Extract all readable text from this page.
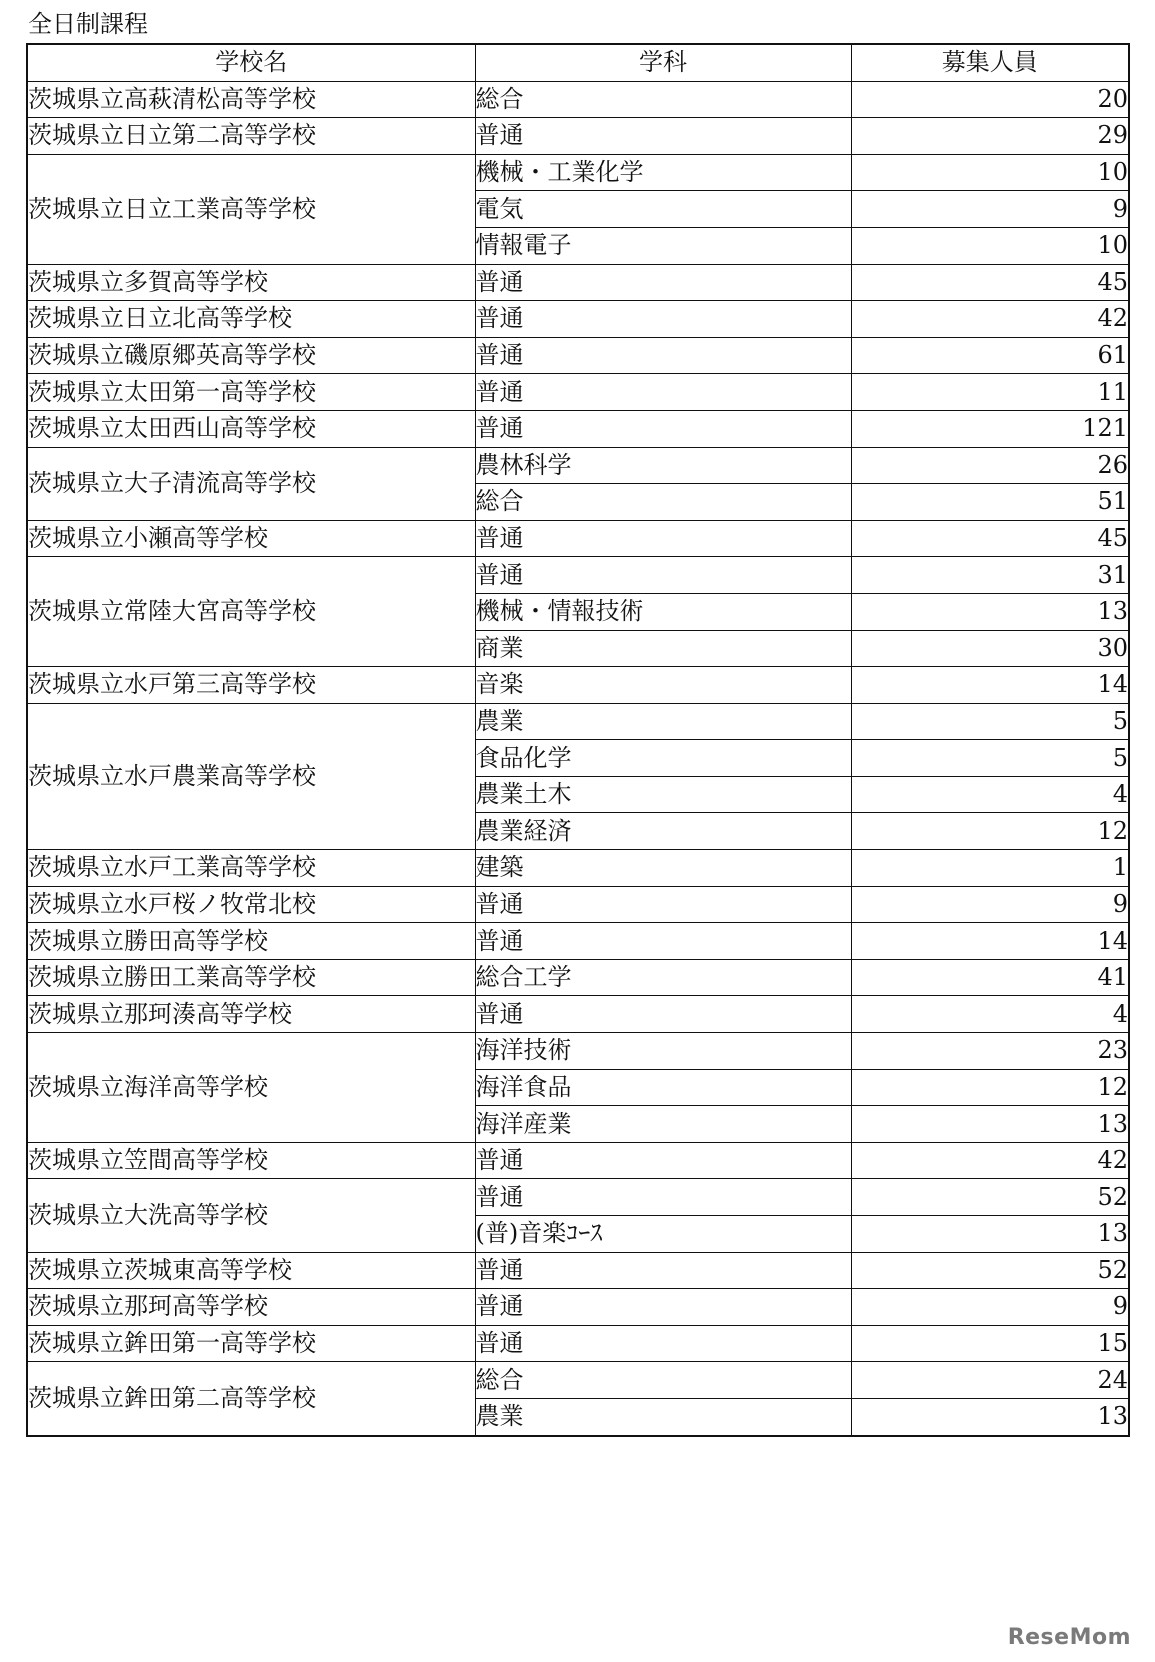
全日制課程
学校名	学科	募集人員
茨城県立高萩清松高等学校	総合	20
茨城県立日立第二高等学校	普通	29
茨城県立日立工業高等学校	機械・工業化学	10
	電気	9
	情報電子	10
茨城県立多賀高等学校	普通	45
茨城県立日立北高等学校	普通	42
茨城県立磯原郷英高等学校	普通	61
茨城県立太田第一高等学校	普通	11
茨城県立太田西山高等学校	普通	121
茨城県立大子清流高等学校	農林科学	26
	総合	51
茨城県立小瀬高等学校	普通	45
茨城県立常陸大宮高等学校	普通	31
	機械・情報技術	13
	商業	30
茨城県立水戸第三高等学校	音楽	14
茨城県立水戸農業高等学校	農業	5
	食品化学	5
	農業土木	4
	農業経済	12
茨城県立水戸工業高等学校	建築	1
茨城県立水戸桜ノ牧常北校	普通	9
茨城県立勝田高等学校	普通	14
茨城県立勝田工業高等学校	総合工学	41
茨城県立那珂湊高等学校	普通	4
茨城県立海洋高等学校	海洋技術	23
	海洋食品	12
	海洋産業	13
茨城県立笠間高等学校	普通	42
茨城県立大洗高等学校	普通	52
	(普)音楽ｺｰｽ	13
茨城県立茨城東高等学校	普通	52
茨城県立那珂高等学校	普通	9
茨城県立鉾田第一高等学校	普通	15
茨城県立鉾田第二高等学校	総合	24
	農業	13
ReseMom
